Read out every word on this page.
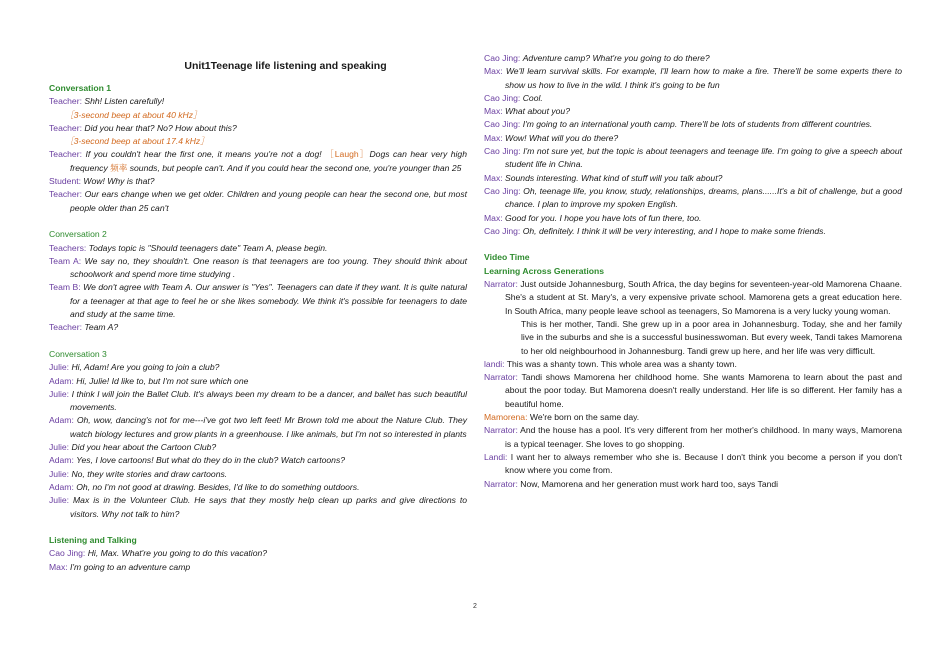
Unit1Teenage life listening and speaking
Conversation 1
Teacher: Shh! Listen carefully!
［3-second beep at about 40 kHz］
Teacher: Did you hear that? No? How about this?
［3-second beep at about 17.4 kHz］
Teacher: If you couldn't hear the first one, it means you're not a dog! ［Laugh］Dogs can hear very high frequency 频率 sounds, but people can't. And if you could hear the second one, you're younger than 25
Student: Wow! Why is that?
Teacher: Our ears change when we get older. Children and young people can hear the second one, but most people older than 25 can't
Conversation 2
Teachers: Todays topic is "Should teenagers date" Team A, please begin.
Team A: We say no, they shouldn't. One reason is that teenagers are too young. They should think about schoolwork and spend more time studying .
Team B: We don't agree with Team A. Our answer is "Yes". Teenagers can date if they want. It is quite natural for a teenager at that age to feel he or she likes somebody. We think it's possible for teenagers to date and study at the same time.
Teacher: Team A?
Conversation 3
Julie: Hi, Adam! Are you going to join a club?
Adam: Hi, Julie! Id like to, but I'm not sure which one
Julie: I think I will join the Ballet Club. It's always been my dream to be a dancer, and ballet has such beautiful movements.
Adam: Oh, wow, dancing's not for me---i've got two left feet! Mr Brown told me about the Nature Club. They watch biology lectures and grow plants in a greenhouse. I like animals, but I'm not so interested in plants
Julie: Did you hear about the Cartoon Club?
Adam: Yes, I love cartoons! But what do they do in the club? Watch cartoons?
Julie: No, they write stories and draw cartoons.
Adam: Oh, no I'm not good at drawing. Besides, I'd like to do something outdoors.
Julie: Max is in the Volunteer Club. He says that they mostly help clean up parks and give directions to visitors. Why not talk to him?
Listening and Talking
Cao Jing: Hi, Max. What're you going to do this vacation?
Max: I'm going to an adventure camp
Cao Jing: Adventure camp? What're you going to do there?
Max: We'll learn survival skills. For example, I'll learn how to make a fire. There'll be some experts there to show us how to live in the wild. I think it's going to be fun
Cao Jing: Cool.
Max: What about you?
Cao Jing: I'm going to an international youth camp. There'll be lots of students from different countries.
Max: Wow! What will you do there?
Cao Jing: I'm not sure yet, but the topic is about teenagers and teenage life. I'm going to give a speech about student life in China.
Max: Sounds interesting. What kind of stuff will you talk about?
Cao Jing: Oh, teenage life, you know, study, relationships, dreams, plans......It's a bit of challenge, but a good chance. I plan to improve my spoken English.
Max: Good for you. I hope you have lots of fun there, too.
Cao Jing: Oh, definitely. I think it will be very interesting, and I hope to make some friends.
Video Time
Learning Across Generations
Narrator: Just outside Johannesburg, South Africa, the day begins for seventeen-year-old Mamorena Chaane. She's a student at St. Mary's, a very expensive private school. Mamorena gets a great education here. In South Africa, many people leave school as teenagers, So Mamorena is a very lucky young woman.
This is her mother, Tandi. She grew up in a poor area in Johannesburg. Today, she and her family live in the suburbs and she is a successful businesswoman. But every week, Tandi takes Mamorena to her old neighbourhood in Johannesburg. Tandi grew up here, and her life was very difficult.
landi: This was a shanty town. This whole area was a shanty town.
Narrator: Tandi shows Mamorena her childhood home. She wants Mamorena to learn about the past and about the poor today. But Mamorena doesn't really understand. Her life is so different. Her family has a beautiful home.
Mamorena: We're born on the same day.
Narrator: And the house has a pool. It's very different from her mother's childhood. In many ways, Mamorena is a typical teenager. She loves to go shopping.
Landi: I want her to always remember who she is. Because I don't think you become a person if you don't know where you come from.
Narrator: Now, Mamorena and her generation must work hard too, says Tandi
2
